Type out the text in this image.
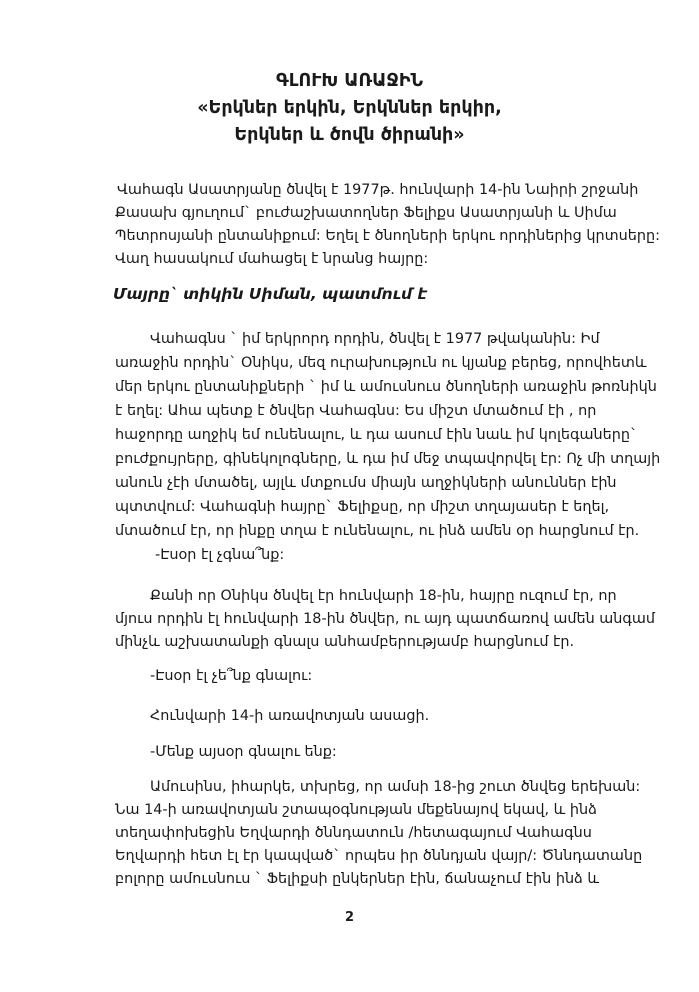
ԳԼՈՒԽ ԱՌԱՋԻՆ
«Երկներ երկին, Երկններ երկիր,
Երկներ և ծովն ծիրանի»
Վահագն Ասատրյանը ծնվել է 1977թ. հունվարի 14-ին Նաիրի շրջանի
Քասախ գյուղում` բուժաշխատողներ Ֆելիքս Ասատրյանի և Սիմա
Պետրոսյանի ընտանիքում: Եղել է ծնողների երկու որդիներից կրտսերը:
Վաղ հասակում մահացել է նրանց հայրը:
Մայրը` տիկին Սիման, պատմում է
Վահագնս ` իմ երկրորդ որդին, ծնվել է 1977 թվականին: Իմ
առաջին որդին` Օնիկս, մեզ ուրախություն ու կյանք բերեց, որովհետև
մեր երկու ընտանիքների ` իմ և ամուսնուս ծնողների առաջին թոռնիկն
է եղել: Ահա պետք է ծնվեր Վահագնս: Ես միշտ մտածում էի , որ
հաջորդը աղջիկ եմ ունենալու, և դա ասում էին նաև իմ կոլեգաները`
բուժքույրերը, գինեկոլոգները, և դա իմ մեջ տպավորվել էր: Ոչ մի տղայի
անուն չէի մտածել, այլև մտքումս միայն աղջիկների անուններ էին
պտտվում: Վահագնի հայրը` Ֆելիքսը, որ միշտ տղայասեր է եղել,
մտածում էր, որ ինքը տղա է ունենալու, ու ինձ ամեն օր հարցնում էր.
-Էսօր էլ չգնա՞նք:
Քանի որ Օնիկս ծնվել էր հունվարի 18-ին, հայրը ուզում էր, որ
մյուս որդին էլ հունվարի 18-ին ծնվեր, ու այդ պատճառով ամեն անգամ
մինչև աշխատանքի գնալս անհամբերությամբ հարցնում էր.
-Էսօր էլ չե՞նք գնալու:
Հունվարի 14-ի առավոտյան ասացի.
-Մենք այսօր գնալու ենք:
Ամուսինս, իհարկե, տխրեց, որ ամսի 18-ից շուտ ծնվեց երեխան:
Նա 14-ի առավոտյան շտապօգնության մեքենայով եկավ, և ինձ
տեղափոխեցին Եղվարդի ծննդատուն /հետագայում Վահագնս
Եղվարդի հետ էլ էր կապված` որպես իր ծննդյան վայր/: Ծննդատանը
բոլորը ամուսնուս ` Ֆելիքսի ընկերներ էին, ճանաչում էին ինձ և
2
